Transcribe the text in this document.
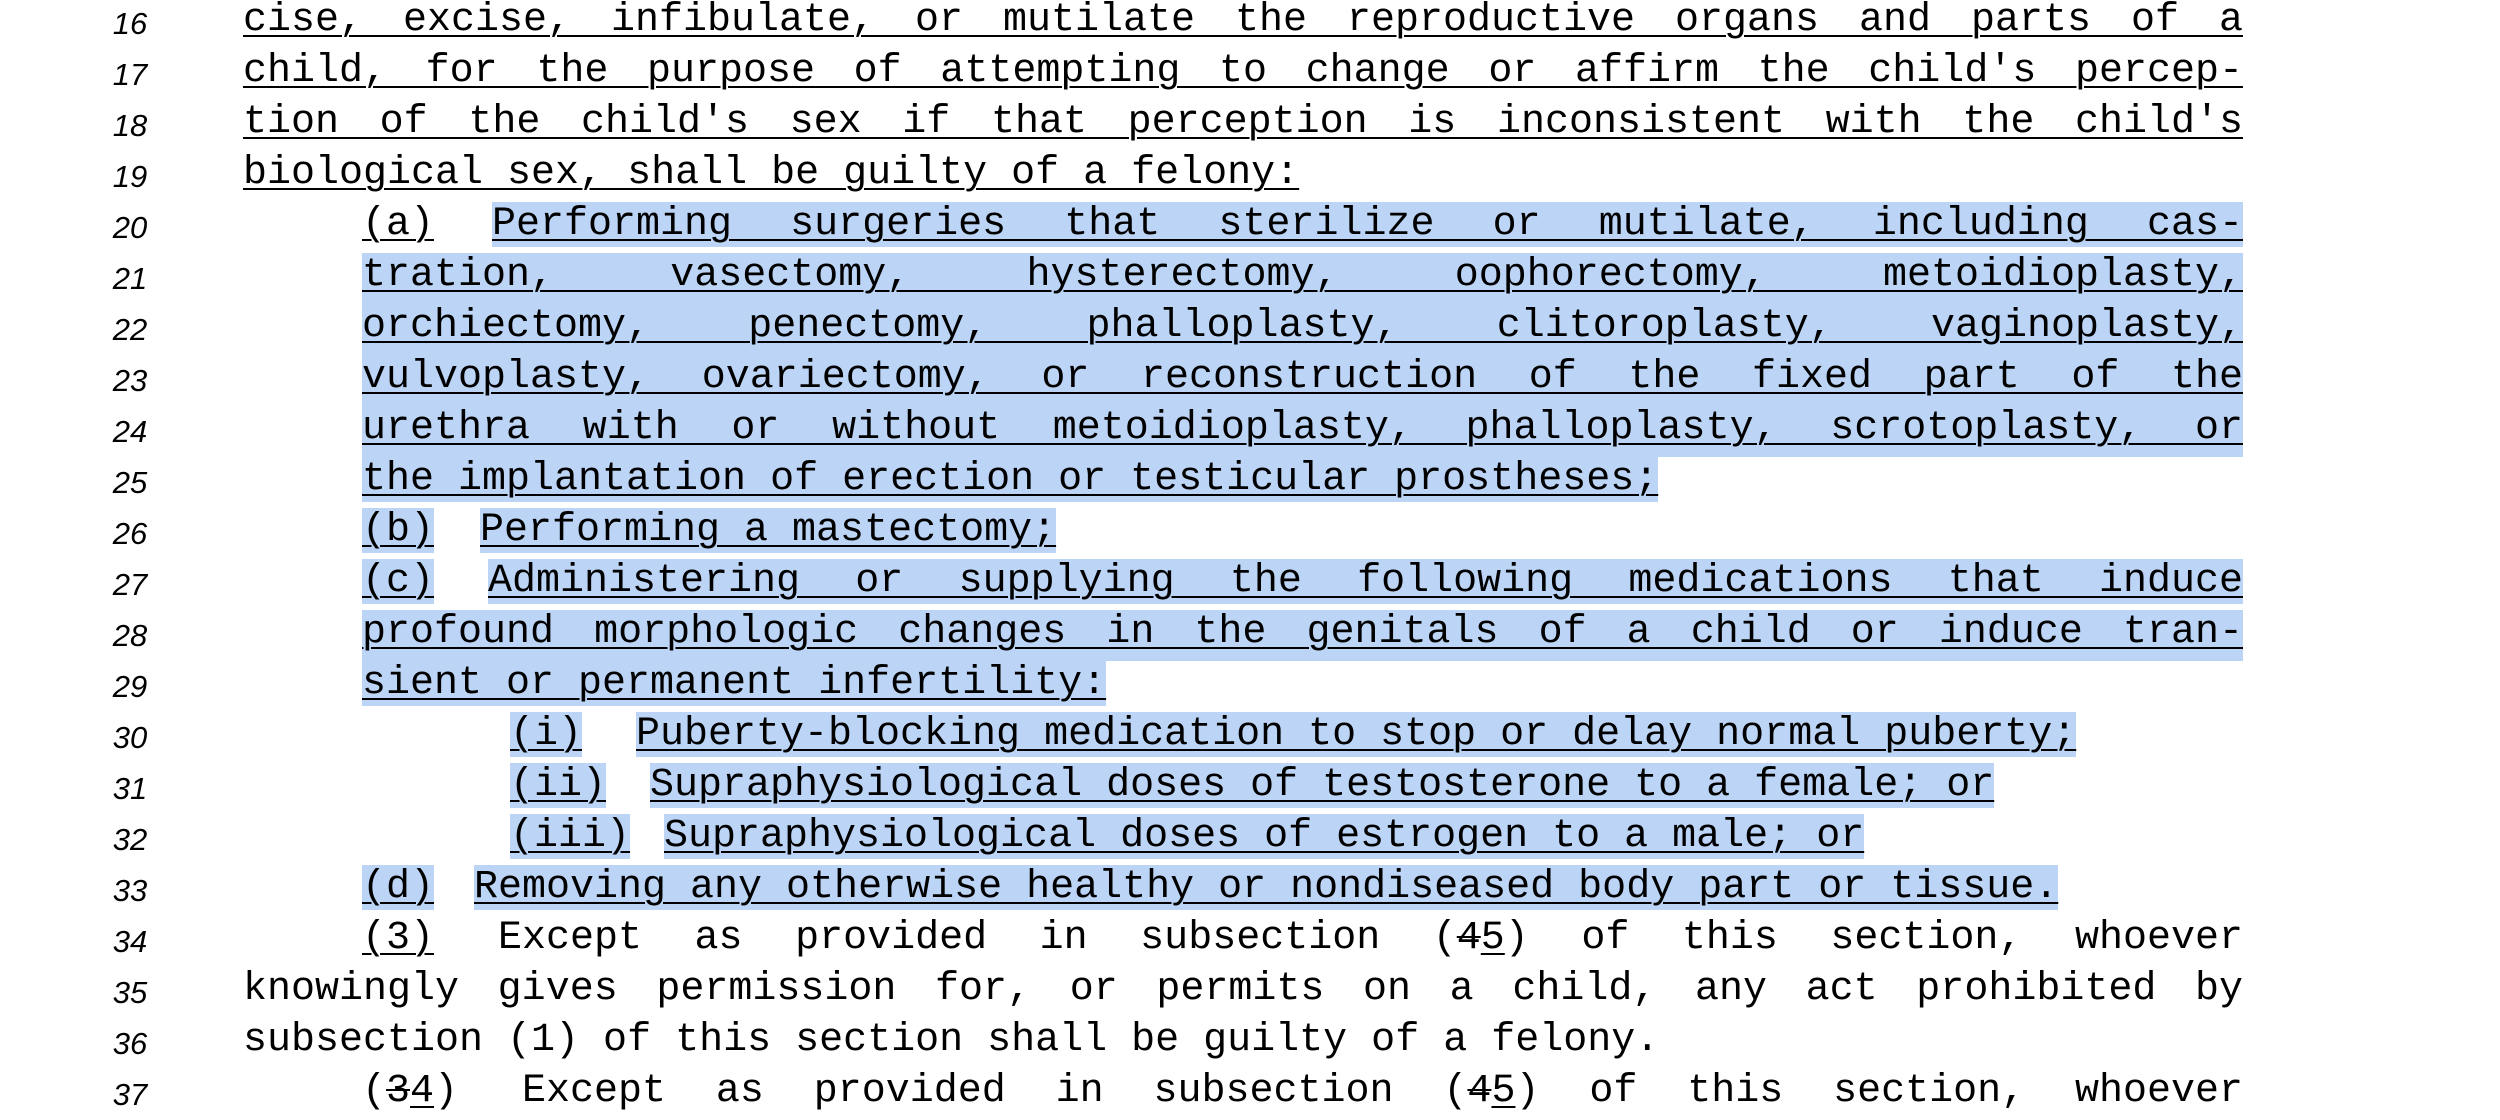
16 cise, excise, infibulate, or mutilate the reproductive organs and parts of a
17 child, for the purpose of attempting to change or affirm the child's percep-
18 tion of the child's sex if that perception is inconsistent with the child's
19 biological sex, shall be guilty of a felony:
20	(a) Performing surgeries that sterilize or mutilate, including cas-
21	tration, vasectomy, hysterectomy, oophorectomy, metoidioplasty,
22	orchiectomy, penectomy, phalloplasty, clitoroplasty, vaginoplasty,
23	vulvoplasty, ovariectomy, or reconstruction of the fixed part of the
24	urethra with or without metoidioplasty, phalloplasty, scrotoplasty, or
25	the implantation of erection or testicular prostheses;
26	(b) Performing a mastectomy;
27	(c) Administering or supplying the following medications that induce
28	profound morphologic changes in the genitals of a child or induce tran-
29	sient or permanent infertility:
30	(i) Puberty-blocking medication to stop or delay normal puberty;
31	(ii) Supraphysiological doses of testosterone to a female; or
32	(iii) Supraphysiological doses of estrogen to a male; or
33	(d) Removing any otherwise healthy or nondiseased body part or tissue.
34	(3) Except as provided in subsection (45) of this section, whoever
35 knowingly gives permission for, or permits on a child, any act prohibited by
36 subsection (1) of this section shall be guilty of a felony.
37	(34) Except as provided in subsection (45) of this section, whoever
